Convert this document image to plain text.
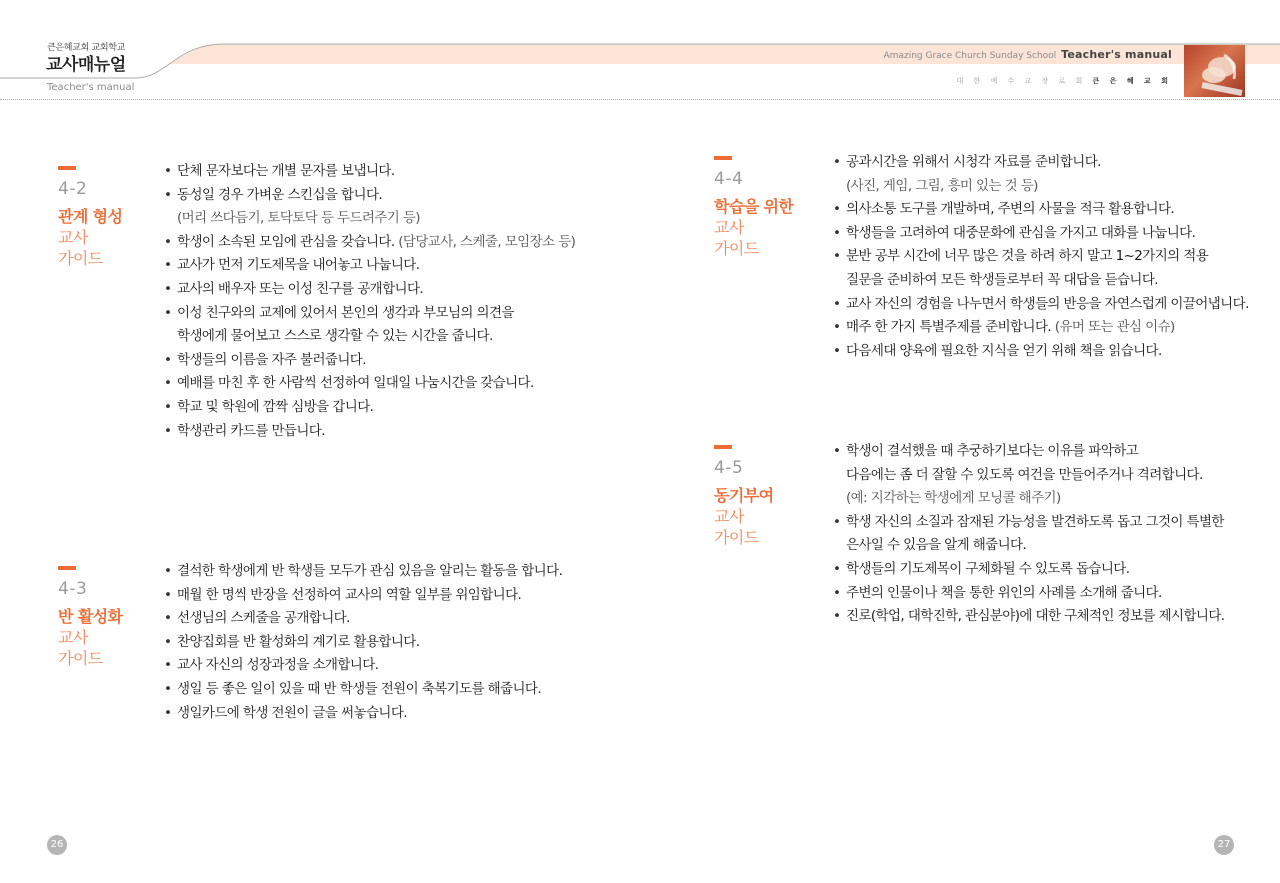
큰은혜교회 교회학교
교사매뉴얼
Teacher's manual
Amazing Grace Church Sunday School Teacher's manual
대 한 예 수 교 장 로 회 큰 은 혜 교 회
4-2
관계 형성
교사
가이드
• 단체 문자보다는 개별 문자를 보냅니다.
• 동성일 경우 가벼운 스킨십을 합니다.
(머리 쓰다듬기, 토닥토닥 등 두드려주기 등)
• 학생이 소속된 모임에 관심을 갖습니다. (담당교사, 스케줄, 모임장소 등)
• 교사가 먼저 기도제목을 내어놓고 나눕니다.
• 교사의 배우자 또는 이성 친구를 공개합니다.
• 이성 친구와의 교제에 있어서 본인의 생각과 부모님의 의견을
학생에게 물어보고 스스로 생각할 수 있는 시간을 줍니다.
• 학생들의 이름을 자주 불러줍니다.
• 예배를 마친 후 한 사람씩 선정하여 일대일 나눔시간을 갖습니다.
• 학교 및 학원에 깜짝 심방을 갑니다.
• 학생관리 카드를 만듭니다.
4-3
반 활성화
교사
가이드
• 결석한 학생에게 반 학생들 모두가 관심 있음을 알리는 활동을 합니다.
• 매월 한 명씩 반장을 선정하여 교사의 역할 일부를 위임합니다.
• 선생님의 스케줄을 공개합니다.
• 찬양집회를 반 활성화의 계기로 활용합니다.
• 교사 자신의 성장과정을 소개합니다.
• 생일 등 좋은 일이 있을 때 반 학생들 전원이 축복기도를 해줍니다.
• 생일카드에 학생 전원이 글을 써놓습니다.
4-4
학습을 위한
교사
가이드
• 공과시간을 위해서 시청각 자료를 준비합니다.
(사진, 게임, 그림, 흥미 있는 것 등)
• 의사소통 도구를 개발하며, 주변의 사물을 적극 활용합니다.
• 학생들을 고려하여 대중문화에 관심을 가지고 대화를 나눕니다.
• 분반 공부 시간에 너무 많은 것을 하려 하지 말고 1~2가지의 적용
질문을 준비하여 모든 학생들로부터 꼭 대답을 듣습니다.
• 교사 자신의 경험을 나누면서 학생들의 반응을 자연스럽게 이끌어냅니다.
• 매주 한 가지 특별주제를 준비합니다. (유머 또는 관심 이슈)
• 다음세대 양육에 필요한 지식을 얻기 위해 책을 읽습니다.
4-5
동기부여
교사
가이드
• 학생이 결석했을 때 추궁하기보다는 이유를 파악하고
다음에는 좀 더 잘할 수 있도록 여건을 만들어주거나 격려합니다.
(예: 지각하는 학생에게 모닝콜 해주기)
• 학생 자신의 소질과 잠재된 가능성을 발견하도록 돕고 그것이 특별한
은사일 수 있음을 알게 해줍니다.
• 학생들의 기도제목이 구체화될 수 있도록 돕습니다.
• 주변의 인물이나 책을 통한 위인의 사례를 소개해 줍니다.
• 진로(학업, 대학진학, 관심분야)에 대한 구체적인 정보를 제시합니다.
26	27
